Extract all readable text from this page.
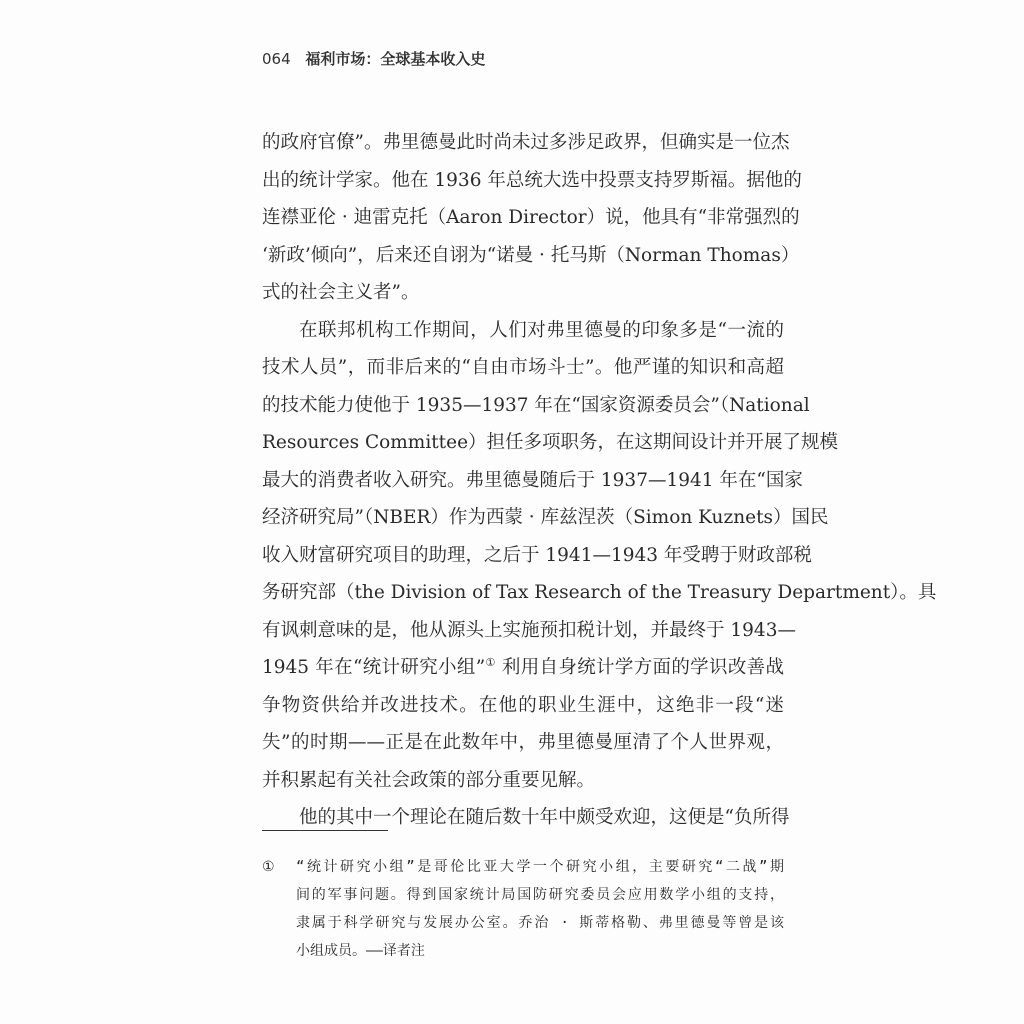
064 福利市场：全球基本收入史
的政府官僚”。弗里德曼此时尚未过多涉足政界，但确实是一位杰
出的统计学家。他在 1936 年总统大选中投票支持罗斯福。据他的
连襟亚伦 · 迪雷克托（Aaron Director）说，他具有“非常强烈的
‘新政’倾向”，后来还自诩为“诺曼 · 托马斯（Norman Thomas）
式的社会主义者”。
在联邦机构工作期间，人们对弗里德曼的印象多是“一流的
技术人员”，而非后来的“自由市场斗士”。他严谨的知识和高超
的技术能力使他于 1935—1937 年在“国家资源委员会”（National
Resources Committee）担任多项职务，在这期间设计并开展了规模
最大的消费者收入研究。弗里德曼随后于 1937—1941 年在“国家
经济研究局”（NBER）作为西蒙 · 库兹涅茨（Simon Kuznets）国民
收入财富研究项目的助理，之后于 1941—1943 年受聘于财政部税
务研究部（the Division of Tax Research of the Treasury Department）。具
有讽刺意味的是，他从源头上实施预扣税计划，并最终于 1943—
1945 年在“统计研究小组”① 利用自身统计学方面的学识改善战
争物资供给并改进技术。在他的职业生涯中，这绝非一段“迷
失”的时期——正是在此数年中，弗里德曼厘清了个人世界观，
并积累起有关社会政策的部分重要见解。
他的其中一个理论在随后数十年中颇受欢迎，这便是“负所得
① “统计研究小组”是哥伦比亚大学一个研究小组，主要研究“二战”期
间的军事问题。得到国家统计局国防研究委员会应用数学小组的支持，
隶属于科学研究与发展办公室。乔治 · 斯蒂格勒、弗里德曼等曾是该
小组成员。——译者注
